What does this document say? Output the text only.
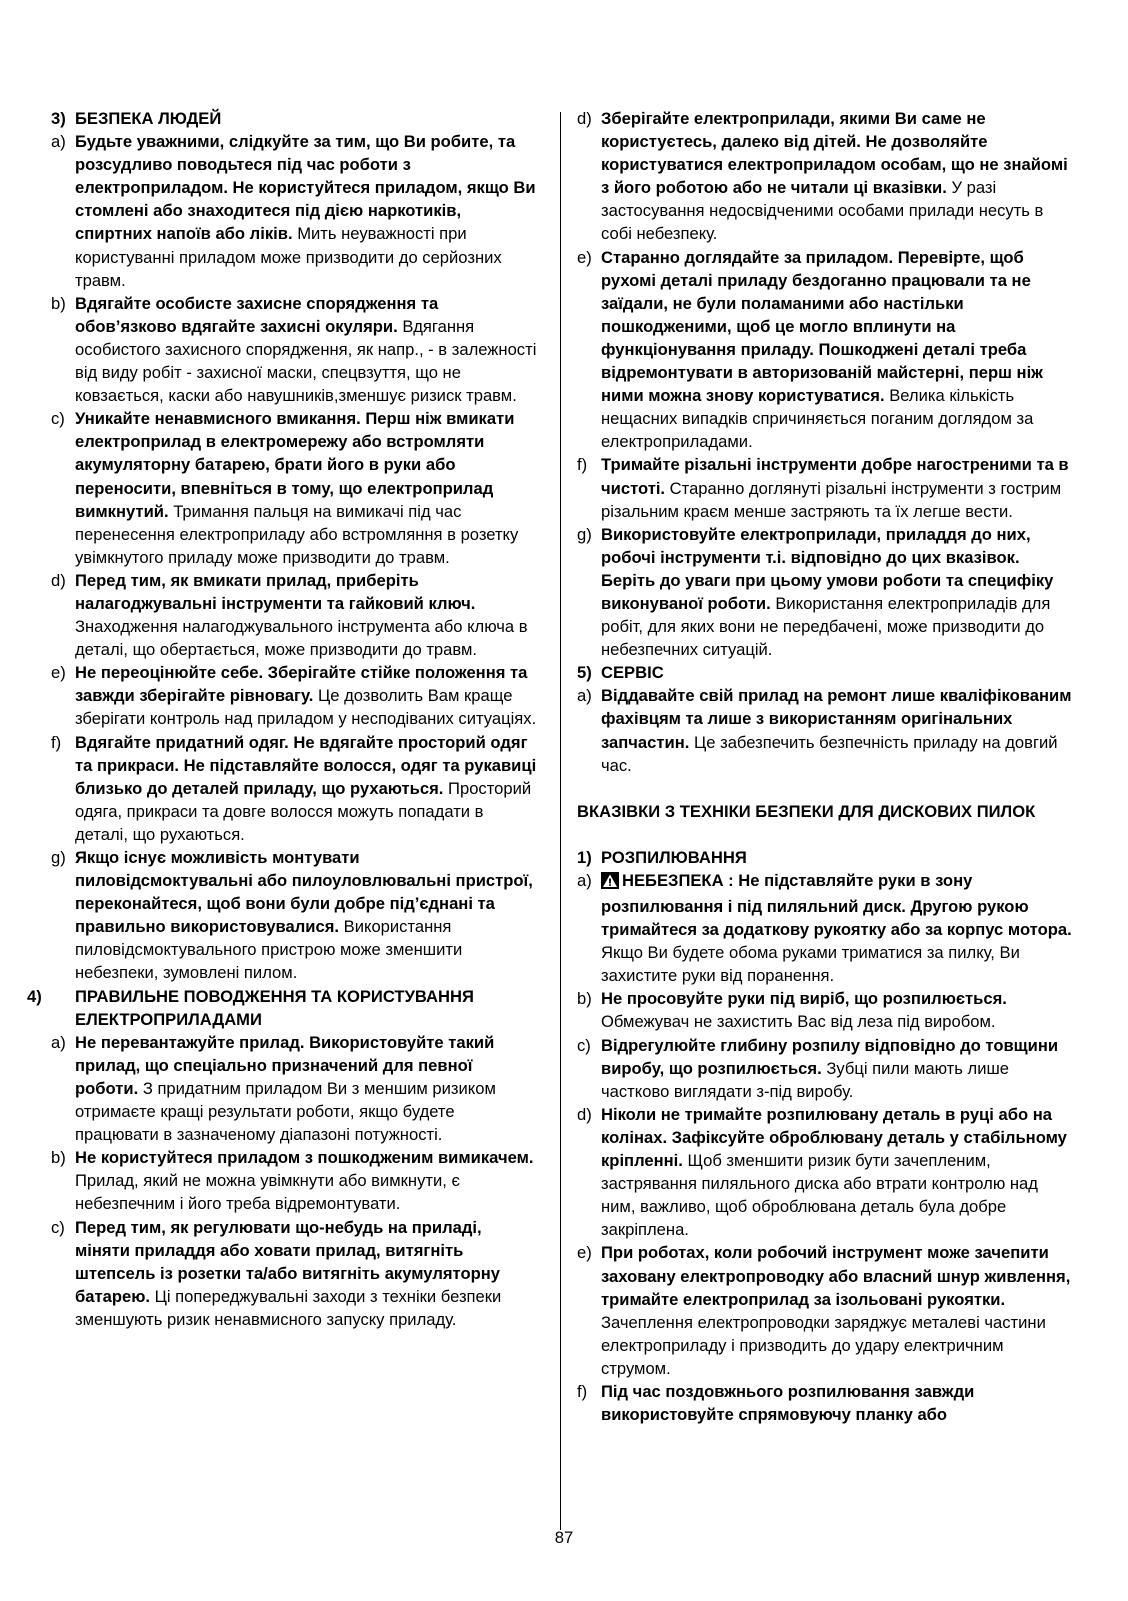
3) БЕЗПЕКА ЛЮДЕЙ

a) Будьте уважними, слідкуйте за тим, що Ви робите, та розсудливо поводьтеся під час роботи з електроприладом. Не користуйтеся приладом, якщо Ви стомлені або знаходитеся під дією наркотиків, спиртних напоїв або ліків. Мить неуважності при користуванні приладом може призводити до серйозних травм.

b) Вдягайте особисте захисне спорядження та обов’язково вдягайте захисні окуляри. Вдягання особистого захисного спорядження, як напр., - в залежності від виду робіт - захисної маски, спецвзуття, що не ковзається, каски або навушників,зменшує ризиск травм.

c) Уникайте ненавмисного вмикання. Перш ніж вмикати електроприлад в електромережу або встромляти акумуляторну батарею, брати його в руки або переносити, впевніться в тому, що електроприлад вимкнутий. Тримання пальця на вимикачі під час перенесення електроприладу або встромляння в розетку увімкнутого приладу може призводити до травм.

d) Перед тим, як вмикати прилад, приберіть налагоджувальні інструменти та гайковий ключ. Знаходження налагоджувального інструмента або ключа в деталі, що обертається, може призводити до травм.

e) Не переоцінюйте себе. Зберігайте стійке положення та завжди зберігайте рівновагу. Це дозволить Вам краще зберігати контроль над приладом у несподіваних ситуаціях.

f) Вдягайте придатний одяг. Не вдягайте просторий одяг та прикраси. Не підставляйте волосся, одяг та рукавиці близько до деталей приладу, що рухаються. Просторий одяга, прикраси та довге волосся можуть попадати в деталі, що рухаються.

g) Якщо існує можливість монтувати пиловідсмоктувальні або пилоуловлювальні пристрої, переконайтеся, щоб вони були добре під’єднані та правильно використовувалися. Використання пиловідсмоктувального пристрою може зменшити небезпеки, зумовлені пилом.

4) ПРАВИЛЬНЕ ПОВОДЖЕННЯ ТА КОРИСТУВАННЯ ЕЛЕКТРОПРИЛАДАМИ

a) Не перевантажуйте прилад. Використовуйте такий прилад, що спеціально призначений для певної роботи. З придатним приладом Ви з меншим ризиком отримаєте кращі результати роботи, якщо будете працювати в зазначеному діапазоні потужності.

b) Не користуйтеся приладом з пошкодженим вимикачем. Прилад, який не можна увімкнути або вимкнути, є небезпечним і його треба відремонтувати.

c) Перед тим, як регулювати що-небудь на приладі, міняти приладдя або ховати прилад, витягніть штепсель із розетки та/або витягніть акумуляторну батарею. Ці попереджувальні заходи з техніки безпеки зменшують ризик ненавмисного запуску приладу.

d) Зберігайте електроприлади, якими Ви саме не користуєтесь, далеко від дітей. Не дозволяйте користуватися електроприладом особам, що не знайомі з його роботою або не читали ці вказівки. У разі застосування недосвідченими особами прилади несуть в собі небезпеку.

e) Старанно доглядайте за приладом. Перевірте, щоб рухомі деталі приладу бездоганно працювали та не заїдали, не були поламаними або настільки пошкодженими, щоб це могло вплинути на функціонування приладу. Пошкоджені деталі треба відремонтувати в авторизованій майстерні, перш ніж ними можна знову користуватися. Велика кількість нещасних випадків спричиняється поганим доглядом за електроприладами.

f) Тримайте різальні інструменти добре нагостреними та в чистоті. Старанно доглянуті різальні інструменти з гострим різальним краєм менше застряють та їх легше вести.

g) Використовуйте електроприлади, приладдя до них, робочі інструменти т.і. відповідно до цих вказівок. Беріть до уваги при цьому умови роботи та специфіку виконуваної роботи. Використання електроприладів для робіт, для яких вони не передбачені, може призводити до небезпечних ситуацій.

5) СЕРВІС

a) Віддавайте свій прилад на ремонт лише кваліфікованим фахівцям та лише з використанням оригінальних запчастин. Це забезпечить безпечність приладу на довгий час.

ВКАЗІВКИ З ТЕХНІКИ БЕЗПЕКИ ДЛЯ ДИСКОВИХ ПИЛОК

1) РОЗПИЛЮВАННЯ

a) НЕБЕЗПЕКА : Не підставляйте руки в зону розпилювання і під пиляльний диск. Другою рукою тримайтеся за додаткову рукоятку або за корпус мотора. Якщо Ви будете обома руками триматися за пилку, Ви захистите руки від поранення.

b) Не просовуйте руки під виріб, що розпилюється. Обмежувач не захистить Вас від леза під виробом.

c) Відрегулюйте глибину розпилу відповідно до товщини виробу, що розпилюється. Зубці пили мають лише частково виглядати з-під виробу.

d) Ніколи не тримайте розпилювану деталь в руці або на колінах. Зафіксуйте оброблювану деталь у стабільному кріпленні. Щоб зменшити ризик бути зачепленим, застрявання пиляльного диска або втрати контролю над ним, важливо, щоб оброблювана деталь була добре закріплена.

e) При роботах, коли робочий інструмент може зачепити заховану електропроводку або власний шнур живлення, тримайте електроприлад за ізольовані рукоятки. Зачеплення електропроводки заряджує металеві частини електроприладу і призводить до удару електричним струмом.

f) Під час поздовжнього розпилювання завжди використовуйте спрямовуючу планку або

87
